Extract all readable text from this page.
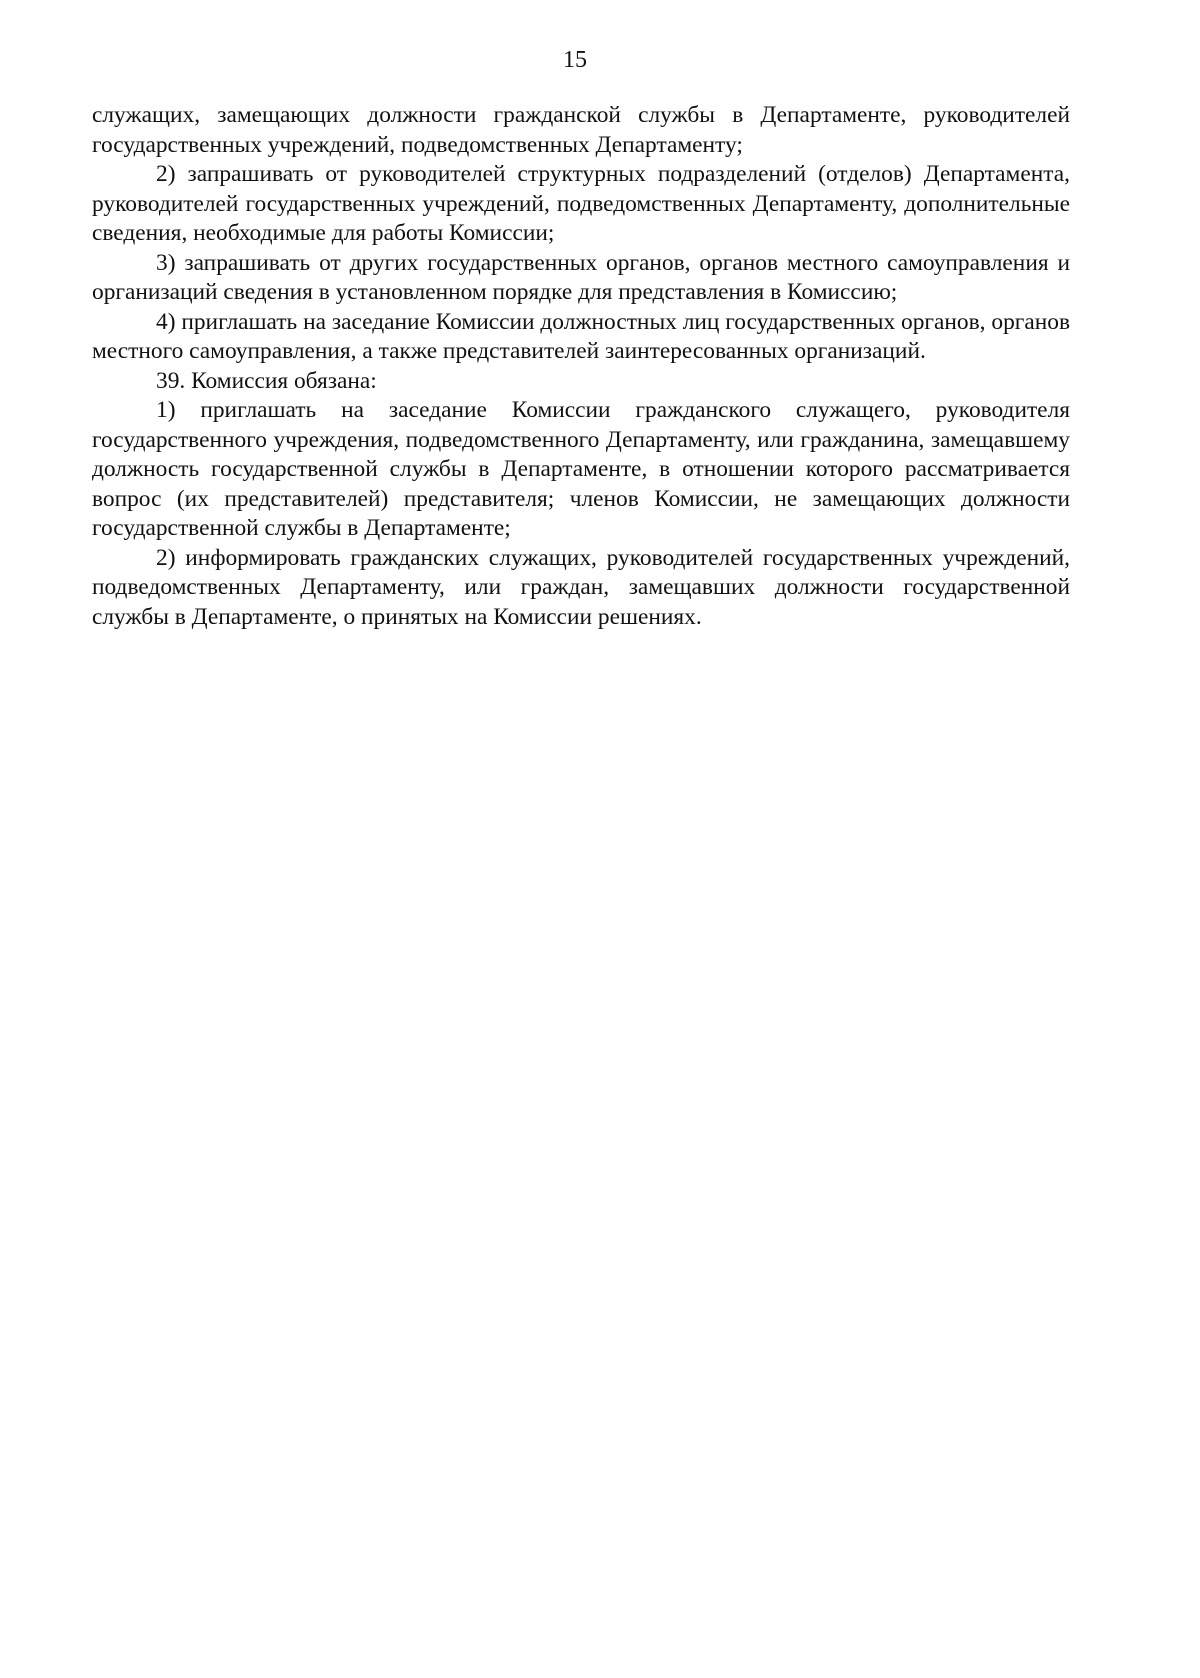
15

служащих, замещающих должности гражданской службы в Департаменте, руководителей государственных учреждений, подведомственных Департаменту;

2) запрашивать от руководителей структурных подразделений (отделов) Департамента, руководителей государственных учреждений, подведомственных Департаменту, дополнительные сведения, необходимые для работы Комиссии;

3) запрашивать от других государственных органов, органов местного самоуправления и организаций сведения в установленном порядке для представления в Комиссию;

4) приглашать на заседание Комиссии должностных лиц государственных органов, органов местного самоуправления, а также представителей заинтересованных организаций.

39. Комиссия обязана:

1) приглашать на заседание Комиссии гражданского служащего, руководителя государственного учреждения, подведомственного Департаменту, или гражданина, замещавшему должность государственной службы в Департаменте, в отношении которого рассматривается вопрос (их представителей) представителя; членов Комиссии, не замещающих должности государственной службы в Департаменте;

2) информировать гражданских служащих, руководителей государственных учреждений, подведомственных Департаменту, или граждан, замещавших должности государственной службы в Департаменте, о принятых на Комиссии решениях.
